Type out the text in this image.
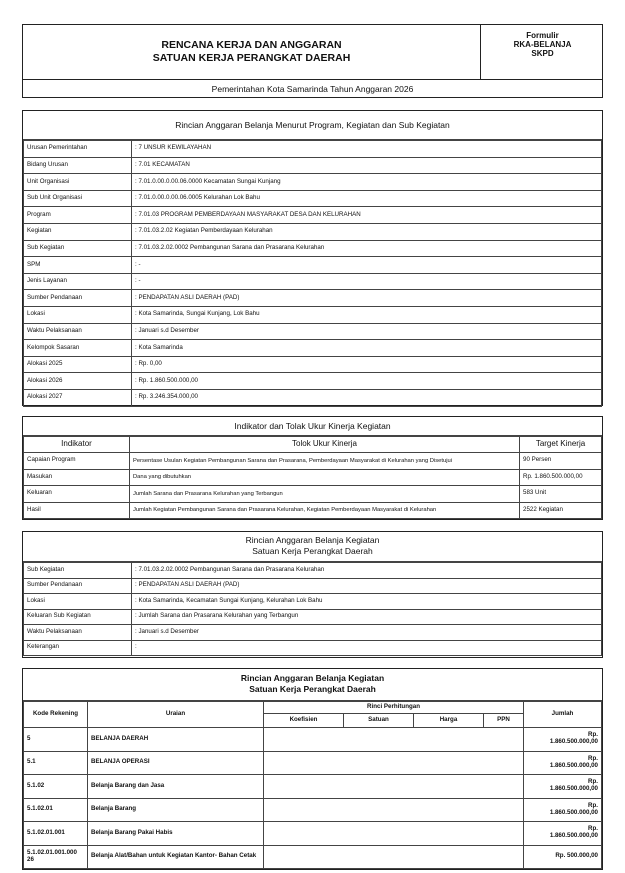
RENCANA KERJA DAN ANGGARAN
SATUAN KERJA PERANGKAT DAERAH
Formulir
RKA-BELANJA
SKPD
Pemerintahan Kota Samarinda Tahun Anggaran 2026
Rincian Anggaran Belanja Menurut Program, Kegiatan dan Sub Kegiatan
Urusan Pemerintahan	: 7 UNSUR KEWILAYAHAN
Bidang Urusan	: 7.01 KECAMATAN
Unit Organisasi	: 7.01.0.00.0.00.06.0000 Kecamatan Sungai Kunjang
Sub Unit Organisasi	: 7.01.0.00.0.00.06.0005 Kelurahan Lok Bahu
Program	: 7.01.03 PROGRAM PEMBERDAYAAN MASYARAKAT DESA DAN KELURAHAN
Kegiatan	: 7.01.03.2.02 Kegiatan Pemberdayaan Kelurahan
Sub Kegiatan	: 7.01.03.2.02.0002 Pembangunan Sarana dan Prasarana Kelurahan
SPM	: -
Jenis Layanan	: -
Sumber Pendanaan	: PENDAPATAN ASLI DAERAH (PAD)
Lokasi	: Kota Samarinda, Sungai Kunjang, Lok Bahu
Waktu Pelaksanaan	: Januari s.d Desember
Kelompok Sasaran	: Kota Samarinda
Alokasi 2025	: Rp. 0,00
Alokasi 2026	: Rp. 1.860.500.000,00
Alokasi 2027	: Rp. 3.246.354.000,00
Indikator dan Tolak Ukur Kinerja Kegiatan
Indikator	Tolok Ukur Kinerja	Target Kinerja
Capaian Program	Persentase Usulan Kegiatan Pembangunan Sarana dan Prasarana, Pemberdayaan Masyarakat di Kelurahan yang Disetujui	90 Persen
Masukan	Dana yang dibutuhkan	Rp. 1.860.500.000,00
Keluaran	Jumlah Sarana dan Prasarana Kelurahan yang Terbangun	583 Unit
Hasil	Jumlah Kegiatan Pembangunan Sarana dan Prasarana Kelurahan, Kegiatan Pemberdayaan Masyarakat di Kelurahan	2522 Kegiatan
Rincian Anggaran Belanja Kegiatan
Satuan Kerja Perangkat Daerah
Sub Kegiatan	: 7.01.03.2.02.0002 Pembangunan Sarana dan Prasarana Kelurahan
Sumber Pendanaan	: PENDAPATAN ASLI DAERAH (PAD)
Lokasi	: Kota Samarinda, Kecamatan Sungai Kunjang, Kelurahan Lok Bahu
Keluaran Sub Kegiatan	: Jumlah Sarana dan Prasarana Kelurahan yang Terbangun
Waktu Pelaksanaan	: Januari s.d Desember
Keterangan	:
Rincian Anggaran Belanja Kegiatan
Satuan Kerja Perangkat Daerah
Kode Rekening	Uraian	Rinci Perhitungan				Jumlah
		Koefisien	Satuan	Harga	PPN	

5	BELANJA DAERAH					Rp.
1.860.500.000,00

5.1	BELANJA OPERASI					Rp.
1.860.500.000,00

5.1.02	Belanja Barang dan Jasa					Rp.
1.860.500.000,00

5.1.02.01	Belanja Barang					Rp.
1.860.500.000,00

5.1.02.01.001	Belanja Barang Pakai Habis					Rp.
1.860.500.000,00

5.1.02.01.001.000
26	Belanja Alat/Bahan untuk Kegiatan Kantor- Bahan Cetak					Rp. 500.000,00
